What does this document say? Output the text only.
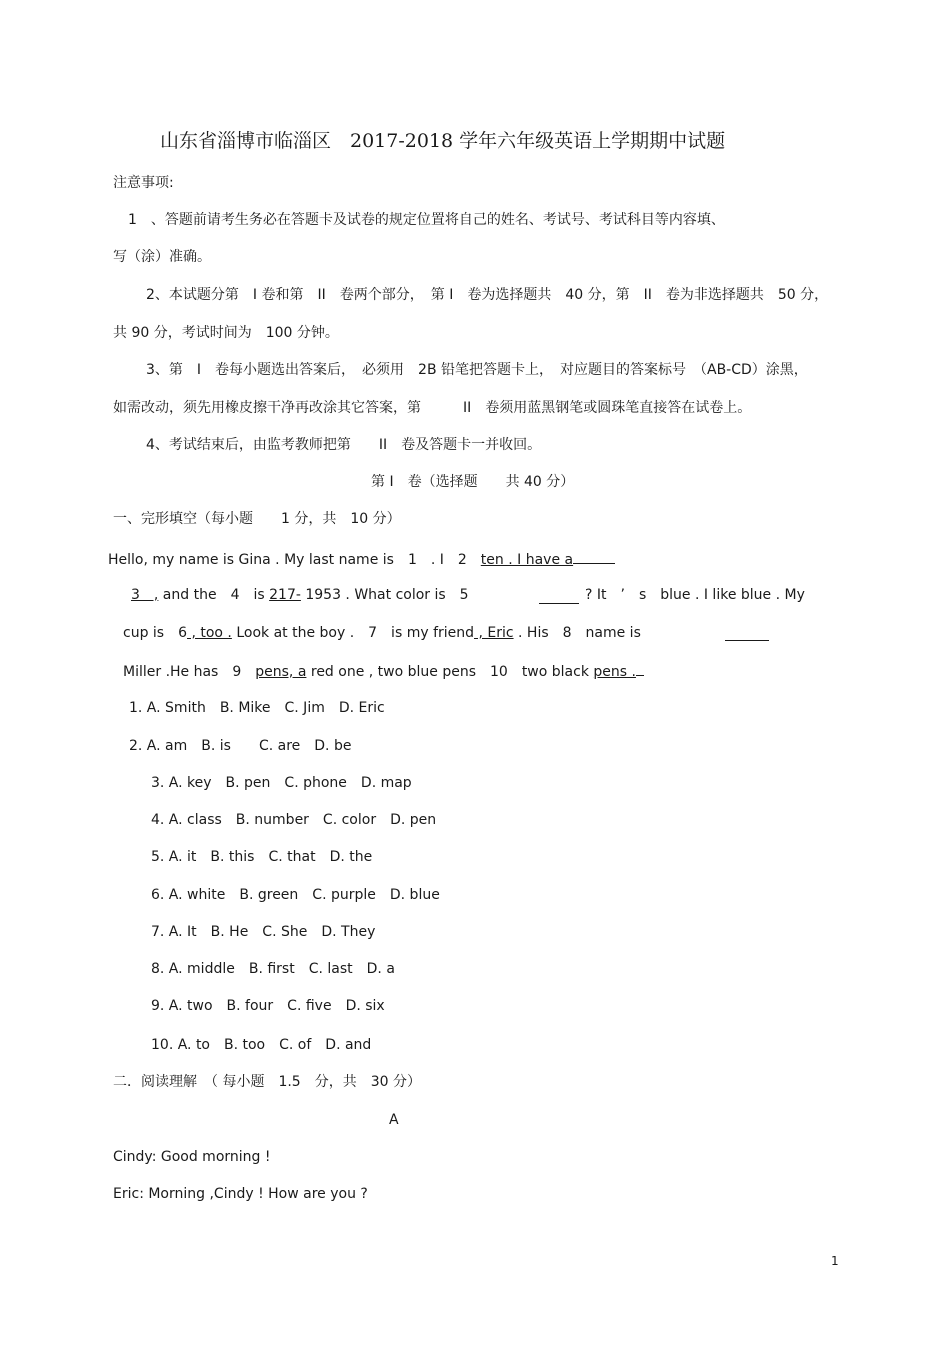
山东省淄博市临淄区　2017-2018 学年六年级英语上学期期中试题
注意事项:
1　、答题前请考生务必在答题卡及试卷的规定位置将自己的姓名、考试号、考试科目等内容填、
写（涂）准确。
2、本试题分第　I 卷和第　II　卷两个部分，　第 I　卷为选择题共　40 分，第　II　卷为非选择题共　50 分，
共 90 分，考试时间为　100 分钟。
3、第　I　卷每小题选出答案后，　必须用　2B 铅笔把答题卡上，　对应题目的答案标号　（AB-CD）涂黑，
如需改动，须先用橡皮擦干净再改涂其它答案，第　　　II　卷须用蓝黑钢笔或圆珠笔直接答在试卷上。
4、考试结束后，由监考教师把第　　II　卷及答题卡一并收回。
第 I　卷（选择题　　共 40 分）
一、完形填空（每小题　　1 分，共　10 分）
Hello, my name is Gina . My last name is　1　. I　2　ten . I have a
3　, and the　4　is 217- 1953 . What color is　5	? It　’　s　blue . I like blue . My
cup is　6 , too . Look at the boy .　7　is my friend , Eric . His　8　name is
Miller .He has　9　pens, a red one , two blue pens　10　two black pens .
1. A. Smith　B. Mike　C. Jim　D. Eric
2. A. am　B. is　　C. are　D. be
3. A. key　B. pen　C. phone　D. map
4. A. class　B. number　C. color　D. pen
5. A. it　B. this　C. that　D. the
6. A. white　B. green　C. purple　D. blue
7. A. It　B. He　C. She　D. They
8. A. middle　B. first　C. last　D. a
9. A. two　B. four　C. five　D. six
10. A. to　B. too　C. of　D. and
二．阅读理解　（ 每小题　1.5　分，共　30 分）
A
Cindy: Good morning !
Eric: Morning ,Cindy ! How are you ?
1
